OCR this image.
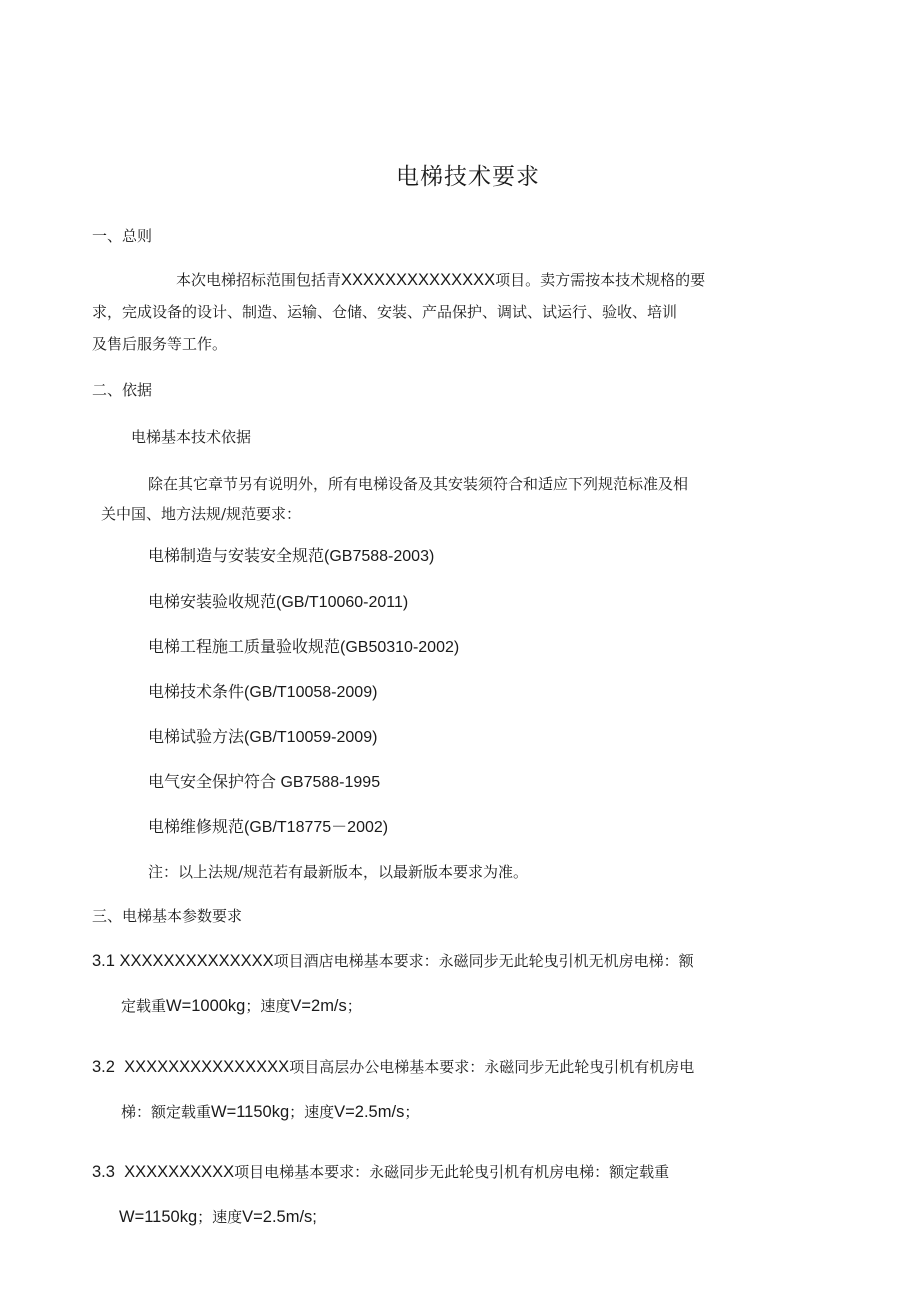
电梯技术要求
一、总则
本次电梯招标范围包括青XXXXXXXXXXXXXX项目。卖方需按本技术规格的要
求，完成设备的设计、制造、运输、仓储、安装、产品保护、调试、试运行、验收、培训
及售后服务等工作。
二、依据
电梯基本技术依据
除在其它章节另有说明外，所有电梯设备及其安装须符合和适应下列规范标准及相
关中国、地方法规/规范要求：
电梯制造与安装安全规范(GB7588-2003)
电梯安装验收规范(GB/T10060-2011)
电梯工程施工质量验收规范(GB50310-2002)
电梯技术条件(GB/T10058-2009)
电梯试验方法(GB/T10059-2009)
电气安全保护符合 GB7588-1995
电梯维修规范(GB/T18775－2002)
注：以上法规/规范若有最新版本，以最新版本要求为准。
三、电梯基本参数要求
3.1 XXXXXXXXXXXXXX项目酒店电梯基本要求：永磁同步无此轮曳引机无机房电梯：额
定载重W=1000kg；速度V=2m/s；
3.2 XXXXXXXXXXXXXXX项目高层办公电梯基本要求：永磁同步无此轮曳引机有机房电
梯：额定载重W=1150kg；速度V=2.5m/s；
3.3 XXXXXXXXXX项目电梯基本要求：永磁同步无此轮曳引机有机房电梯：额定载重
W=1150kg；速度V=2.5m/s;
